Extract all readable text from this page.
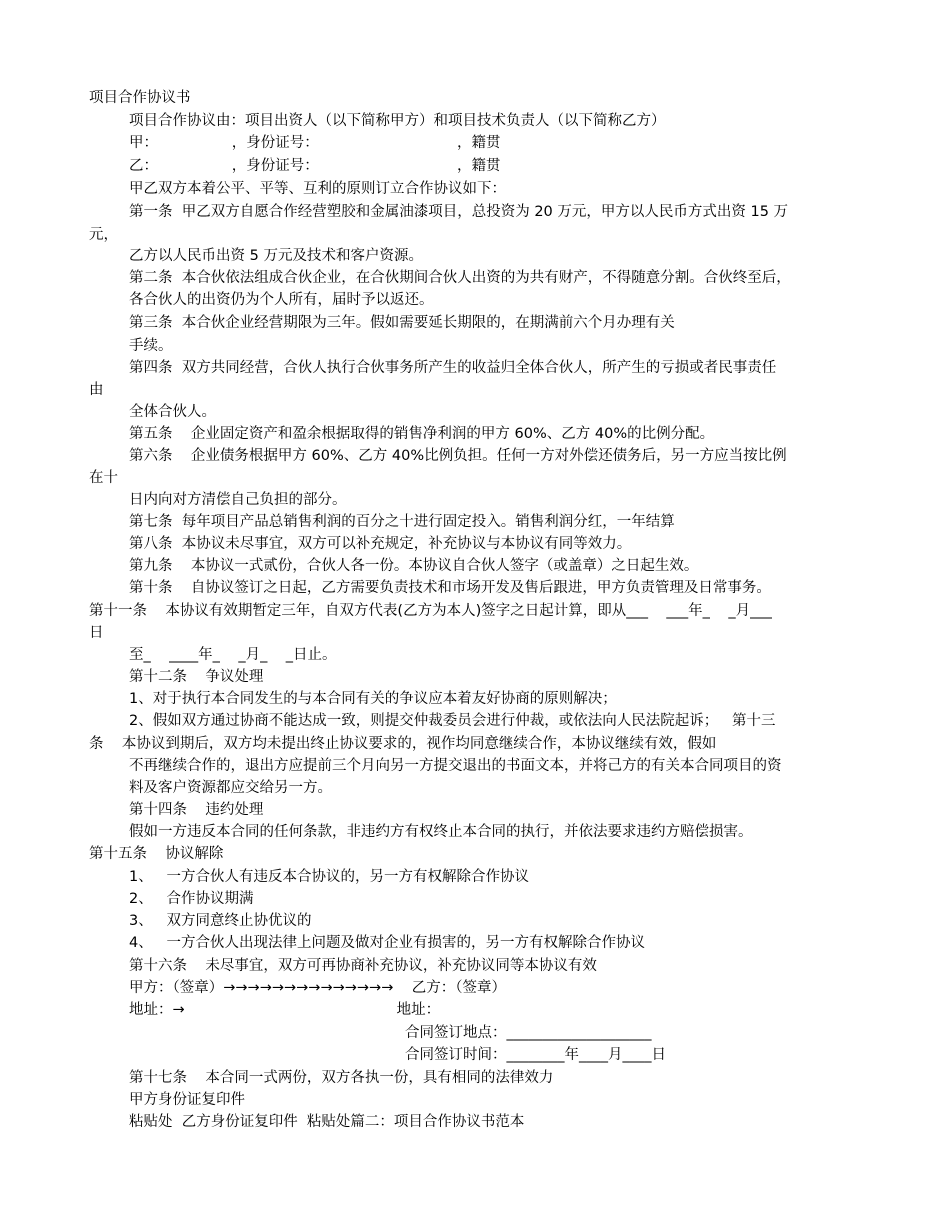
项目合作协议书

项目合作协议由：项目出资人（以下简称甲方）和项目技术负责人（以下简称乙方）

甲：                ，身份证号：                              ，籍贯

乙：                ，身份证号：                              ，籍贯

甲乙双方本着公平、平等、互利的原则订立合作协议如下：

第一条  甲乙双方自愿合作经营塑胶和金属油漆项目，总投资为 20 万元，甲方以人民币方式出资 15 万

元，

乙方以人民币出资 5 万元及技术和客户资源。

第二条  本合伙依法组成合伙企业，在合伙期间合伙人出资的为共有财产，不得随意分割。合伙终至后，

各合伙人的出资仍为个人所有，届时予以返还。

第三条  本合伙企业经营期限为三年。假如需要延长期限的，在期满前六个月办理有关

手续。

第四条  双方共同经营，合伙人执行合伙事务所产生的收益归全体合伙人，所产生的亏损或者民事责任

由

全体合伙人。

第五条    企业固定资产和盈余根据取得的销售净利润的甲方 60%、乙方 40%的比例分配。

第六条    企业债务根据甲方 60%、乙方 40%比例负担。任何一方对外偿还债务后，另一方应当按比例

在十

日内向对方清偿自己负担的部分。

第七条  每年项目产品总销售利润的百分之十进行固定投入。销售利润分红，一年结算

第八条  本协议未尽事宜，双方可以补充规定，补充协议与本协议有同等效力。

第九条    本协议一式贰份，合伙人各一份。本协议自合伙人签字（或盖章）之日起生效。

第十条    自协议签订之日起，乙方需要负责技术和市场开发及售后跟进，甲方负责管理及日常事务。

第十一条    本协议有效期暂定三年，自双方代表(乙方为本人)签字之日起计算，即从___    ___年_    _月___

日

至_    ____年_    _月_    _日止。

第十二条    争议处理

1、对于执行本合同发生的与本合同有关的争议应本着友好协商的原则解决；

2、假如双方通过协商不能达成一致，则提交仲裁委员会进行仲裁，或依法向人民法院起诉；   第十三

条    本协议到期后，双方均未提出终止协议要求的，视作均同意继续合作，本协议继续有效，假如

不再继续合作的，退出方应提前三个月向另一方提交退出的书面文本，并将己方的有关本合同项目的资

料及客户资源都应交给另一方。

第十四条    违约处理

假如一方违反本合同的任何条款，非违约方有权终止本合同的执行，并依法要求违约方赔偿损害。

第十五条    协议解除

1、   一方合伙人有违反本合协议的，另一方有权解除合作协议

2、   合作协议期满

3、   双方同意终止协优议的

4、   一方合伙人出现法律上问题及做对企业有损害的，另一方有权解除合作协议

第十六条    未尽事宜，双方可再协商补充协议，补充协议同等本协议有效

甲方：（签章）→→→→→→→→→→→→→→    乙方：（签章）

地址：→                                              地址：

合同签订地点：____________________

合同签订时间：________年____月____日

第十七条    本合同一式两份，双方各执一份，具有相同的法律效力

甲方身份证复印件

粘贴处  乙方身份证复印件  粘贴处篇二：项目合作协议书范本
